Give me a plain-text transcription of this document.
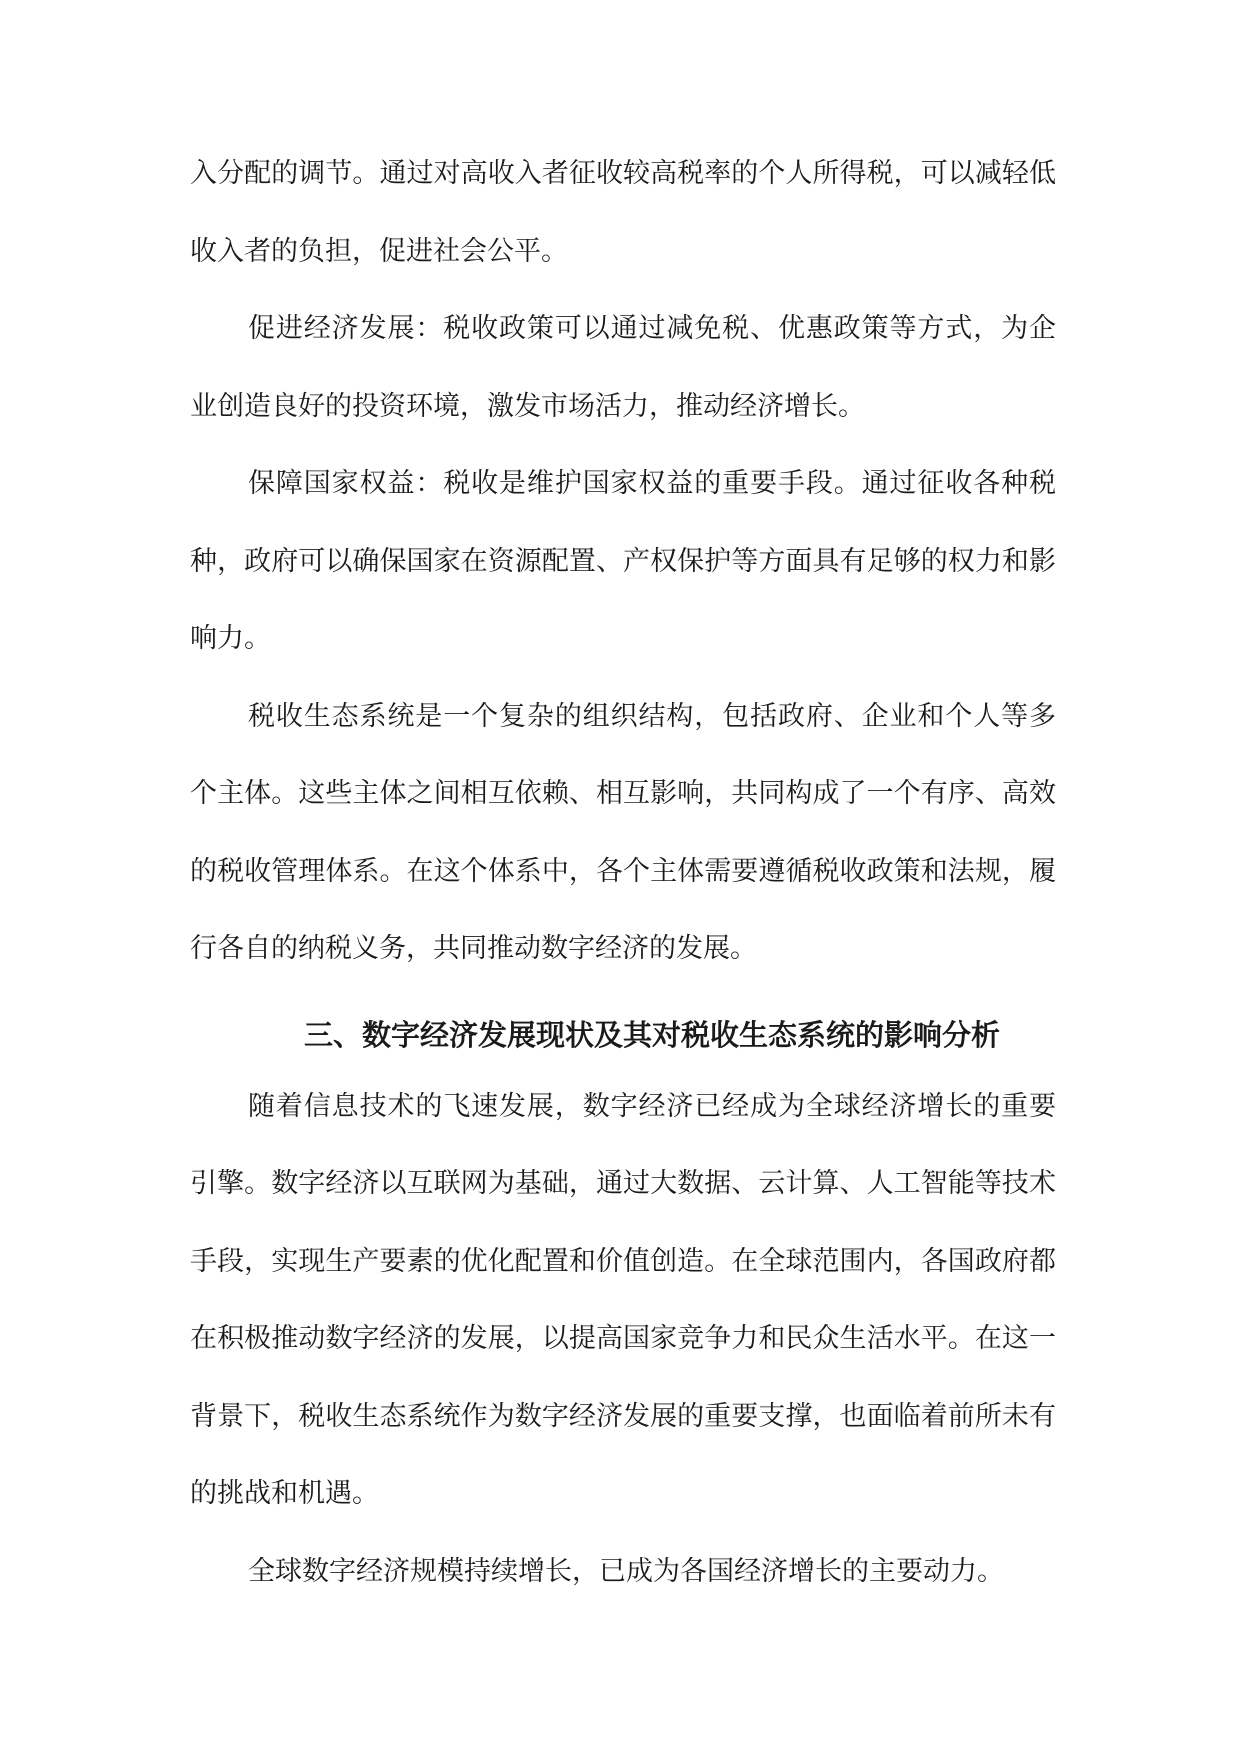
入分配的调节。通过对高收入者征收较高税率的个人所得税，可以减轻低收入者的负担，促进社会公平。

促进经济发展：税收政策可以通过减免税、优惠政策等方式，为企业创造良好的投资环境，激发市场活力，推动经济增长。

保障国家权益：税收是维护国家权益的重要手段。通过征收各种税种，政府可以确保国家在资源配置、产权保护等方面具有足够的权力和影响力。

税收生态系统是一个复杂的组织结构，包括政府、企业和个人等多个主体。这些主体之间相互依赖、相互影响，共同构成了一个有序、高效的税收管理体系。在这个体系中，各个主体需要遵循税收政策和法规，履行各自的纳税义务，共同推动数字经济的发展。

三、数字经济发展现状及其对税收生态系统的影响分析

随着信息技术的飞速发展，数字经济已经成为全球经济增长的重要引擎。数字经济以互联网为基础，通过大数据、云计算、人工智能等技术手段，实现生产要素的优化配置和价值创造。在全球范围内，各国政府都在积极推动数字经济的发展，以提高国家竞争力和民众生活水平。在这一背景下，税收生态系统作为数字经济发展的重要支撑，也面临着前所未有的挑战和机遇。

全球数字经济规模持续增长，已成为各国经济增长的主要动力。
